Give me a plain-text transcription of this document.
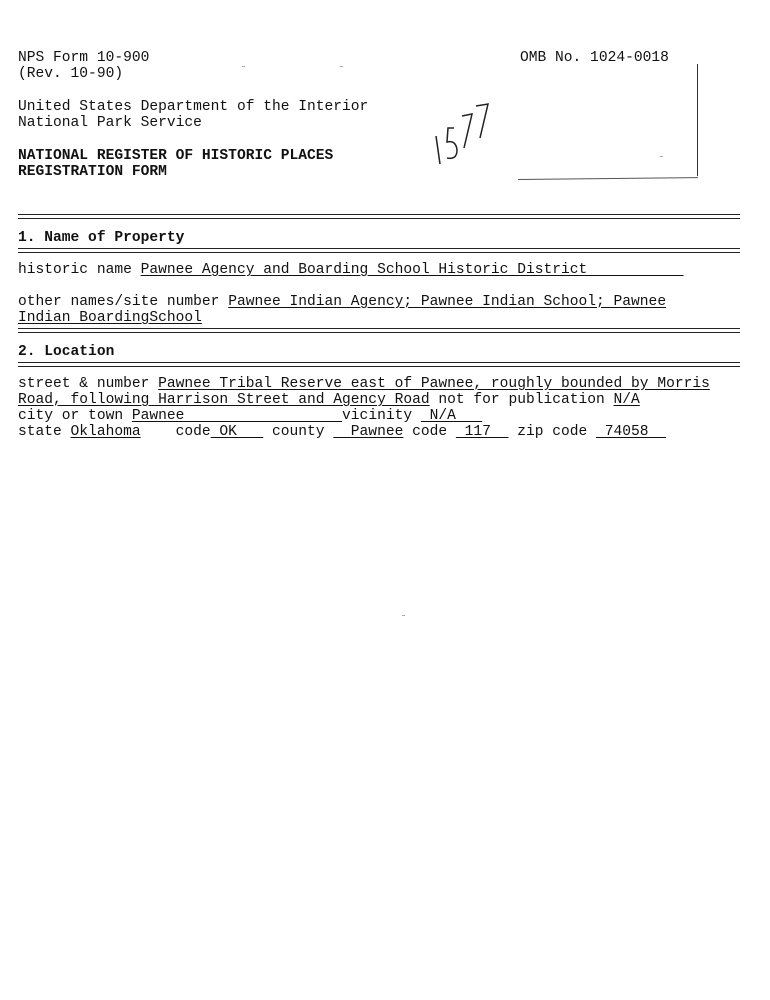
NPS Form 10-900
(Rev. 10-90)
OMB No. 1024-0018
United States Department of the Interior
National Park Service
NATIONAL REGISTER OF HISTORIC PLACES
REGISTRATION FORM
1. Name of Property
historic name Pawnee Agency and Boarding School Historic District
other names/site number Pawnee Indian Agency; Pawnee Indian School; Pawnee
Indian BoardingSchool
2. Location
street & number Pawnee Tribal Reserve east of Pawnee, roughly bounded by Morris
Road, following Harrison Street and Agency Road not for publication N/A
city or town Pawnee                  vicinity  N/A
state Oklahoma    code OK    county   Pawnee code  117   zip code  74058
